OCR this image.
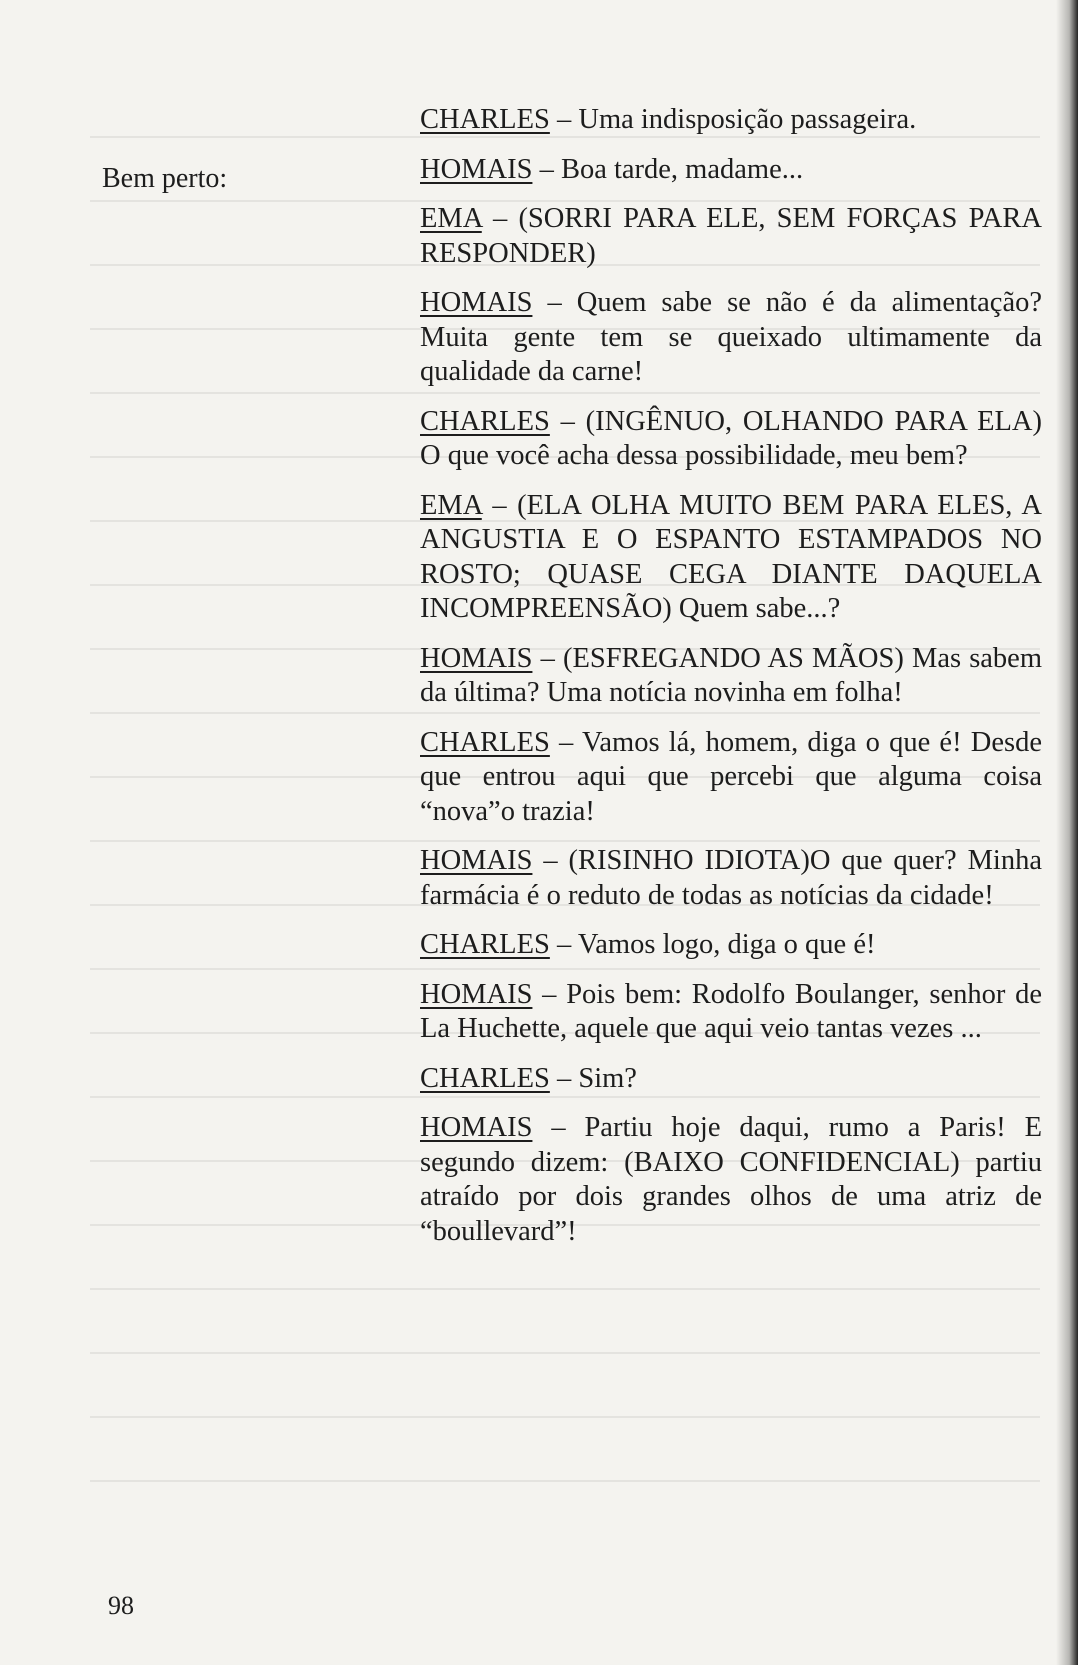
Bem perto:

CHARLES – Uma indisposição passageira.

HOMAIS – Boa tarde, madame...

EMA – (SORRI PARA ELE, SEM FORÇAS PARA RESPONDER)

HOMAIS – Quem sabe se não é da alimentação? Muita gente tem se queixado ultimamente da qualidade da carne!

CHARLES – (INGÊNUO, OLHANDO PARA ELA) O que você acha dessa possibilidade, meu bem?

EMA – (ELA OLHA MUITO BEM PARA ELES, A ANGUSTIA E O ESPANTO ESTAMPADOS NO ROSTO; QUASE CEGA DIANTE DAQUELA INCOMPREENSÃO) Quem sabe...?

HOMAIS – (ESFREGANDO AS MÃOS) Mas sabem da última? Uma notícia novinha em folha!

CHARLES – Vamos lá, homem, diga o que é! Desde que entrou aqui que percebi que alguma coisa “nova”o trazia!

HOMAIS – (RISINHO IDIOTA)O que quer? Minha farmácia é o reduto de todas as notícias da cidade!

CHARLES – Vamos logo, diga o que é!

HOMAIS – Pois bem: Rodolfo Boulanger, senhor de La Huchette, aquele que aqui veio tantas vezes ...

CHARLES – Sim?

HOMAIS – Partiu hoje daqui, rumo a Paris! E segundo dizem: (BAIXO CONFIDENCIAL) partiu atraído por dois grandes olhos de uma atriz de “boullevard”!

98
